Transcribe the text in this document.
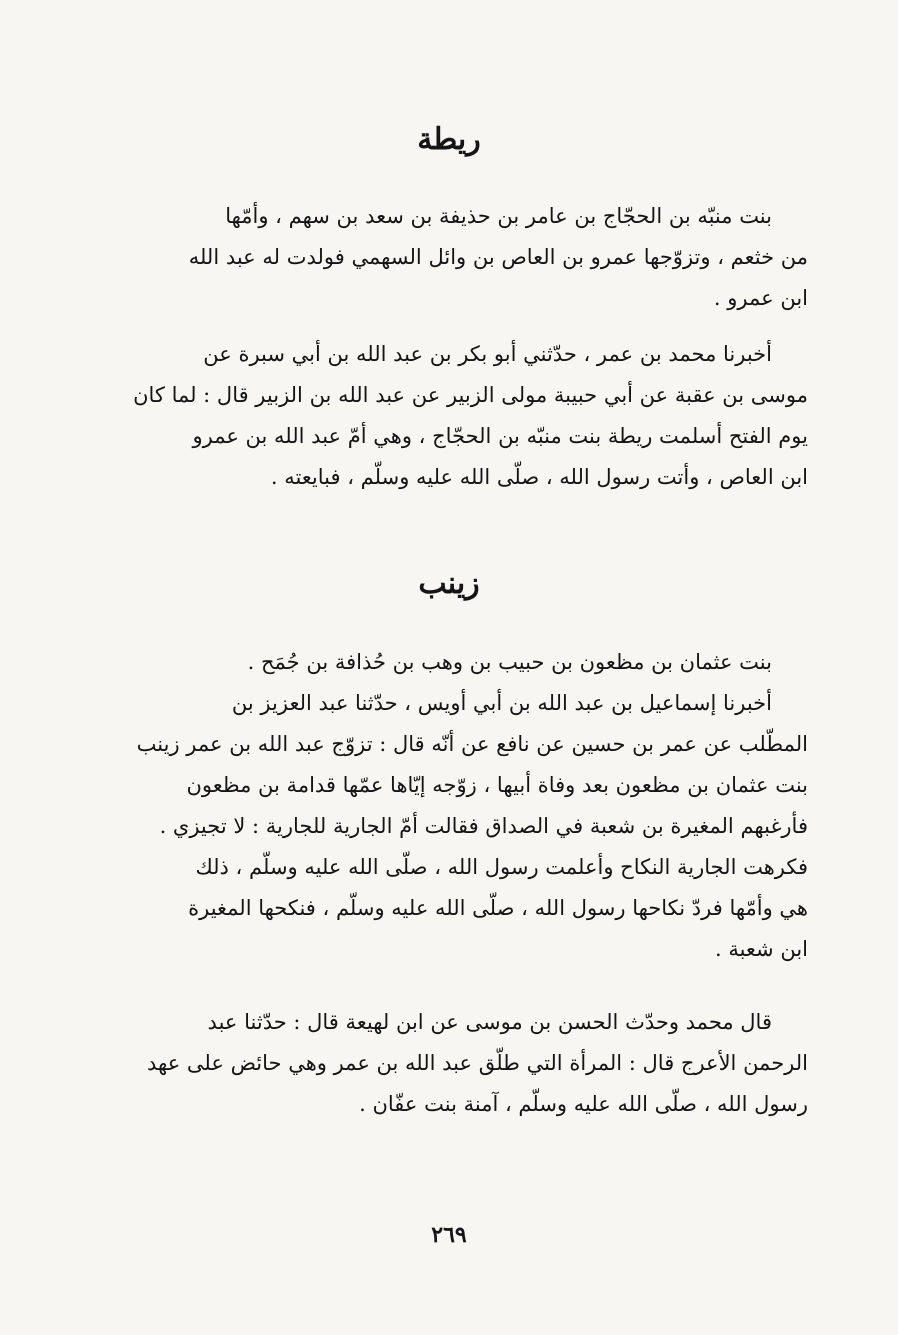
ريطة
بنت منبّه بن الحجّاج بن عامر بن حذيفة بن سعد بن سهم ، وأمّها
من خثعم ، وتزوّجها عمرو بن العاص بن وائل السهمي فولدت له عبد الله
ابن عمرو .
أخبرنا محمد بن عمر ، حدّثني أبو بكر بن عبد الله بن أبي سبرة عن
موسى بن عقبة عن أبي حبيبة مولى الزبير عن عبد الله بن الزبير قال : لما كان
يوم الفتح أسلمت ريطة بنت منبّه بن الحجّاج ، وهي أمّ عبد الله بن عمرو
ابن العاص ، وأتت رسول الله ، صلّى الله عليه وسلّم ، فبايعته .
زينب
بنت عثمان بن مظعون بن حبيب بن وهب بن حُذافة بن جُمَح .
أخبرنا إسماعيل بن عبد الله بن أبي أويس ، حدّثنا عبد العزيز بن
المطّلب عن عمر بن حسين عن نافع عن أنّه قال : تزوّج عبد الله بن عمر زينب
بنت عثمان بن مظعون بعد وفاة أبيها ، زوّجه إيّاها عمّها قدامة بن مظعون
فأرغبهم المغيرة بن شعبة في الصداق فقالت أمّ الجارية للجارية : لا تجيزي .
فكرهت الجارية النكاح وأعلمت رسول الله ، صلّى الله عليه وسلّم ، ذلك
هي وأمّها فردّ نكاحها رسول الله ، صلّى الله عليه وسلّم ، فنكحها المغيرة
ابن شعبة .
قال محمد وحدّث الحسن بن موسى عن ابن لهيعة قال : حدّثنا عبد
الرحمن الأعرج قال : المرأة التي طلّق عبد الله بن عمر وهي حائض على عهد
رسول الله ، صلّى الله عليه وسلّم ، آمنة بنت عفّان .
٢٦٩
